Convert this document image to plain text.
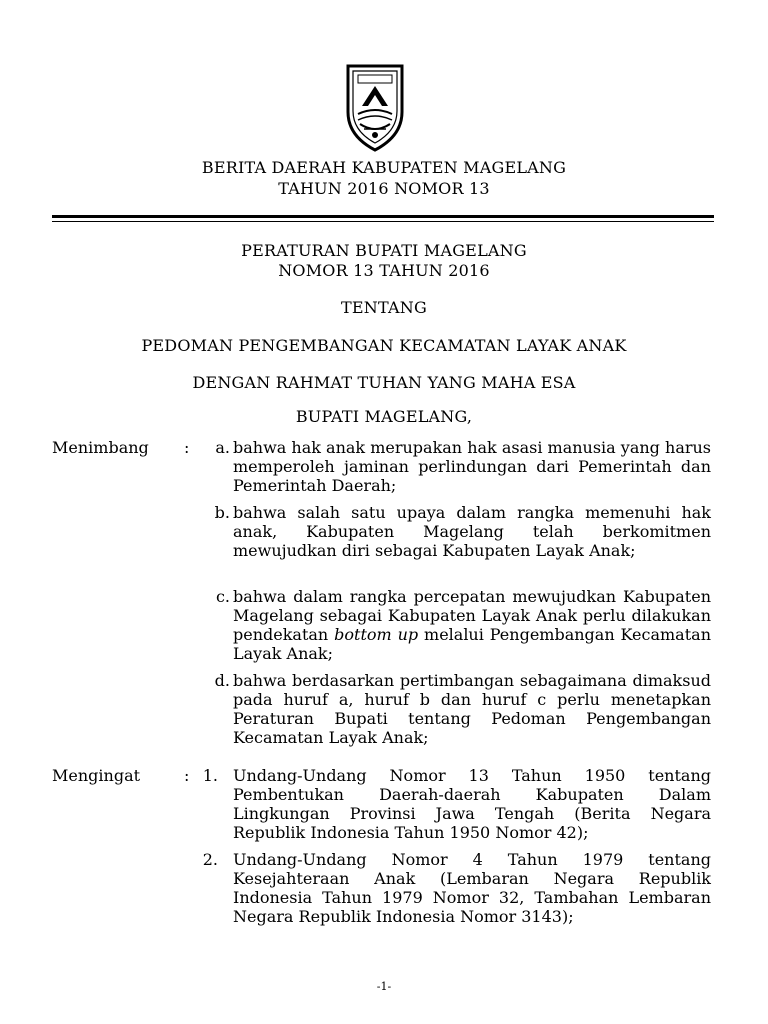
BERITA DAERAH KABUPATEN MAGELANG
TAHUN 2016 NOMOR 13
PERATURAN BUPATI MAGELANG
NOMOR 13 TAHUN 2016
TENTANG
PEDOMAN PENGEMBANGAN KECAMATAN LAYAK ANAK
DENGAN RAHMAT TUHAN YANG MAHA ESA
BUPATI MAGELANG,
Menimbang :	a. bahwa hak anak merupakan hak asasi manusia yang harus memperoleh jaminan perlindungan dari Pemerintah dan Pemerintah Daerah;
b. bahwa salah satu upaya dalam rangka memenuhi hak anak, Kabupaten Magelang telah berkomitmen mewujudkan diri sebagai Kabupaten Layak Anak;
c. bahwa dalam rangka percepatan mewujudkan Kabupaten Magelang sebagai Kabupaten Layak Anak perlu dilakukan pendekatan bottom up melalui Pengembangan Kecamatan Layak Anak;
d. bahwa berdasarkan pertimbangan sebagaimana dimaksud pada huruf a, huruf b dan huruf c perlu menetapkan Peraturan Bupati tentang Pedoman Pengembangan Kecamatan Layak Anak;
Mengingat	: 1. Undang-Undang Nomor 13 Tahun 1950 tentang Pembentukan Daerah-daerah Kabupaten Dalam Lingkungan Provinsi Jawa Tengah (Berita Negara Republik Indonesia Tahun 1950 Nomor 42);
2. Undang-Undang Nomor 4 Tahun 1979 tentang Kesejahteraan Anak (Lembaran Negara Republik Indonesia Tahun 1979 Nomor 32, Tambahan Lembaran Negara Republik Indonesia Nomor 3143);
-1-
